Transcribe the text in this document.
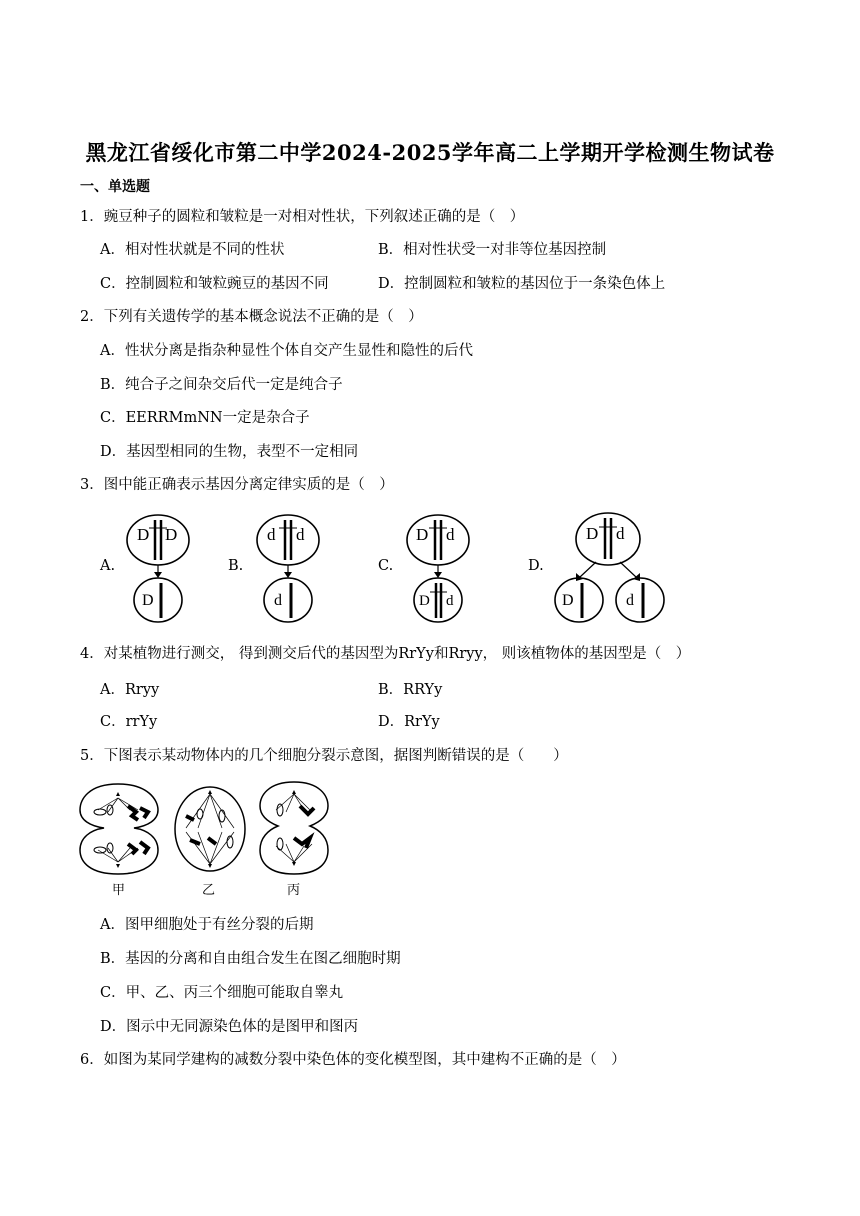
黑龙江省绥化市第二中学2024-2025学年高二上学期开学检测生物试卷
一、单选题
1．豌豆种子的圆粒和皱粒是一对相对性状，下列叙述正确的是（　）
A．相对性状就是不同的性状	B．相对性状受一对非等位基因控制
C．控制圆粒和皱粒豌豆的基因不同	D．控制圆粒和皱粒的基因位于一条染色体上
2．下列有关遗传学的基本概念说法不正确的是（　）
A．性状分离是指杂种显性个体自交产生显性和隐性的后代
B．纯合子之间杂交后代一定是纯合子
C．EERRMmNN一定是杂合子
D．基因型相同的生物，表型不一定相同
3．图中能正确表示基因分离定律实质的是（　）
A.	B.	C.	D.
D D
D
d d
d
D d
D d
D d
D	d
4．对某植物进行测交， 得到测交后代的基因型为RrYy和Rryy， 则该植物体的基因型是（　）
A．Rryy	B．RRYy
C．rrYy	D．RrYy
5．下图表示某动物体内的几个细胞分裂示意图，据图判断错误的是（　　）
甲	乙	丙
A．图甲细胞处于有丝分裂的后期
B．基因的分离和自由组合发生在图乙细胞时期
C．甲、乙、丙三个细胞可能取自睾丸
D．图示中无同源染色体的是图甲和图丙
6．如图为某同学建构的减数分裂中染色体的变化模型图，其中建构不正确的是（　）
